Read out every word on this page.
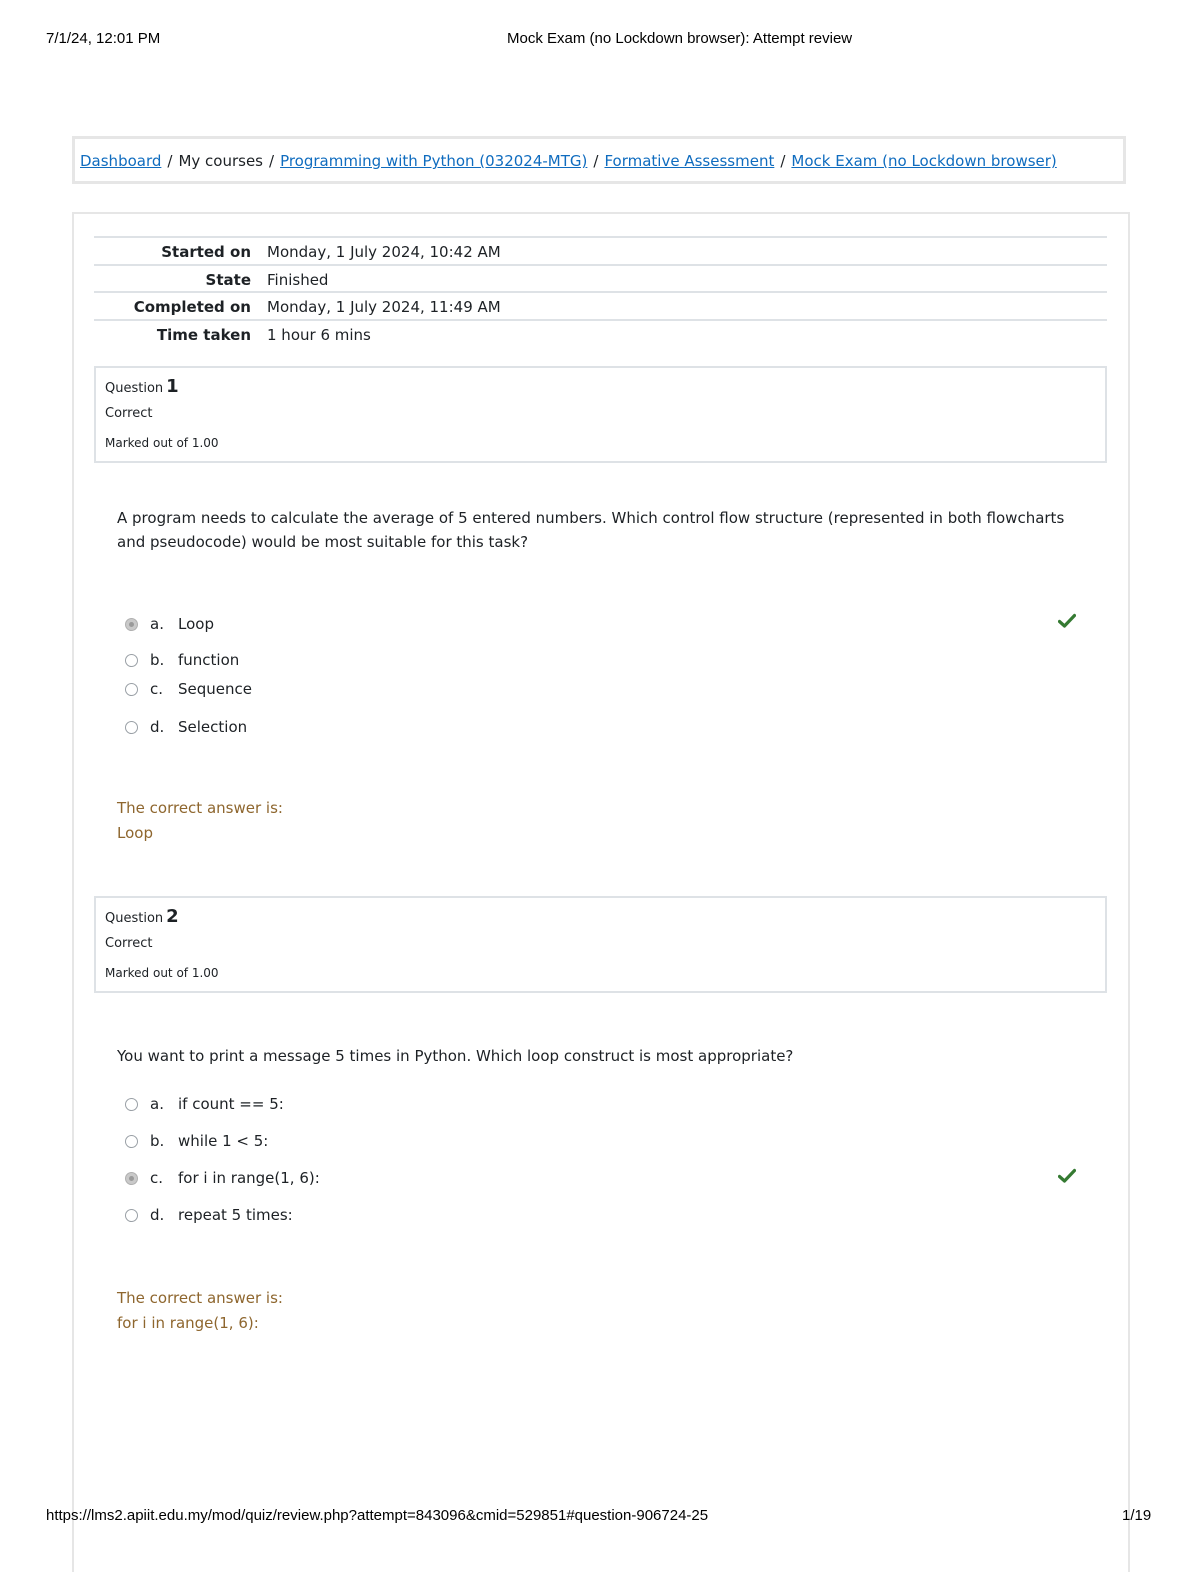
7/1/24, 12:01 PM	Mock Exam (no Lockdown browser): Attempt review
Dashboard / My courses / Programming with Python (032024-MTG) / Formative Assessment / Mock Exam (no Lockdown browser)
Started on Monday, 1 July 2024, 10:42 AM
State Finished
Completed on Monday, 1 July 2024, 11:49 AM
Time taken 1 hour 6 mins
Question 1
Correct
Marked out of 1.00
A program needs to calculate the average of 5 entered numbers. Which control flow structure (represented in both flowcharts and pseudocode) would be most suitable for this task?
a. Loop
b. function
c. Sequence
d. Selection
The correct answer is:
Loop
Question 2
Correct
Marked out of 1.00
You want to print a message 5 times in Python. Which loop construct is most appropriate?
a. if count == 5:
b. while 1 < 5:
c. for i in range(1, 6):
d. repeat 5 times:
The correct answer is:
for i in range(1, 6):
https://lms2.apiit.edu.my/mod/quiz/review.php?attempt=843096&cmid=529851#question-906724-25	1/19
